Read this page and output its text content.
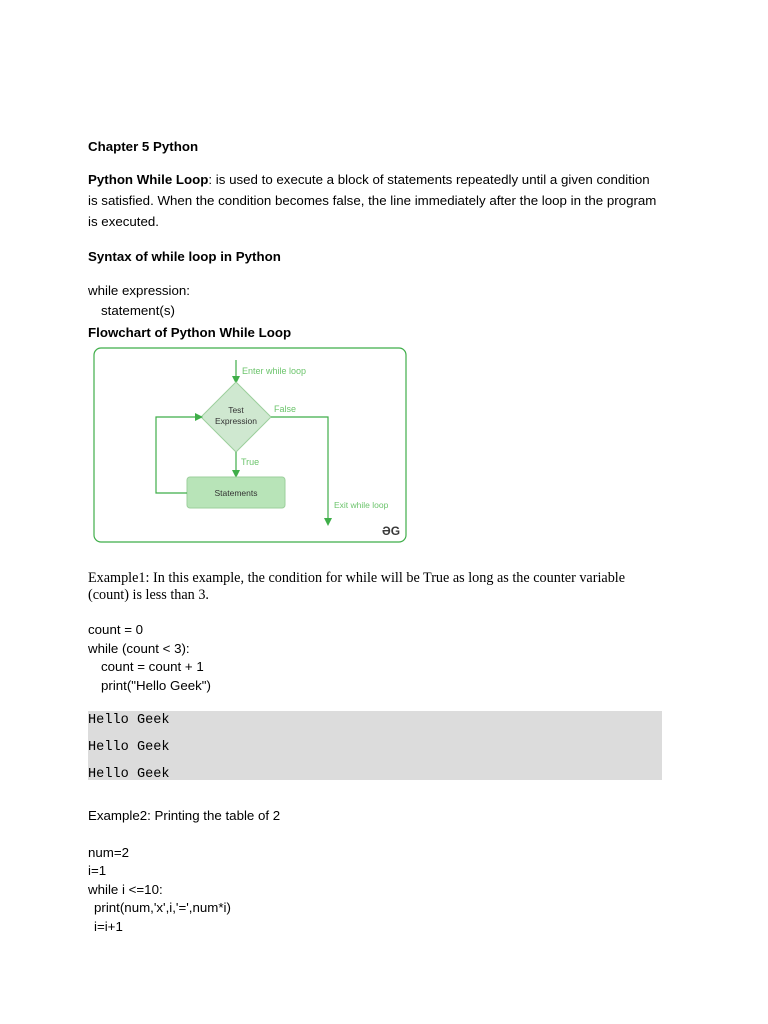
Chapter 5 Python
Python While Loop: is used to execute a block of statements repeatedly until a given condition is satisfied. When the condition becomes false, the line immediately after the loop in the program is executed.
Syntax of while loop in Python
while expression:
statement(s)
Flowchart of Python While Loop
Example1: In this example, the condition for while will be True as long as the counter variable (count) is less than 3.
count = 0
while (count < 3):
count = count + 1
print("Hello Geek")
Example2: Printing the table of 2
num=2
i=1
while i <=10:
print(num,'x',i,'=',num*i)
i=i+1
Hello Geek
Hello Geek
Hello Geek
Enter while loop
Test
Expression
False
True
Statements
Exit while loop
ƏG
